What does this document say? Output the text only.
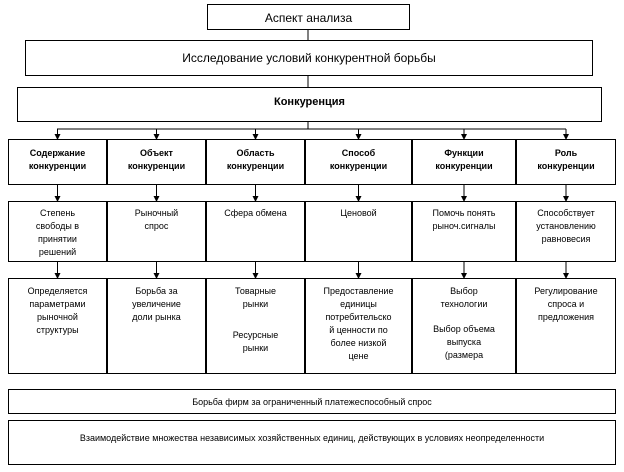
Аспект анализа
Исследование условий конкурентной борьбы
Конкуренция
Содержание
конкуренции
Степень
свободы в
принятии
решений
Определяется
параметрами
рыночной
структуры
Объект
конкуренции
Рыночный
спрос
Борьба за
увеличение
доли рынка
Область
конкуренции
Сфера обмена
Товарные
рынки
Ресурсные
рынки
Способ
конкуренции
Ценовой
Предоставление
единицы
потребительско
й ценности по
более низкой
цене
Функции
конкуренции
Помочь понять
рыноч.сигналы
Выбор
технологии
Выбор объема
выпуска
(размера
Роль
конкуренции
Способствует
установлению
равновесия
Регулирование
спроса и
предложения
Борьба фирм за ограниченный платежеспособный спрос
Взаимодействие множества независимых хозяйственных единиц, действующих в условиях неопределенности
